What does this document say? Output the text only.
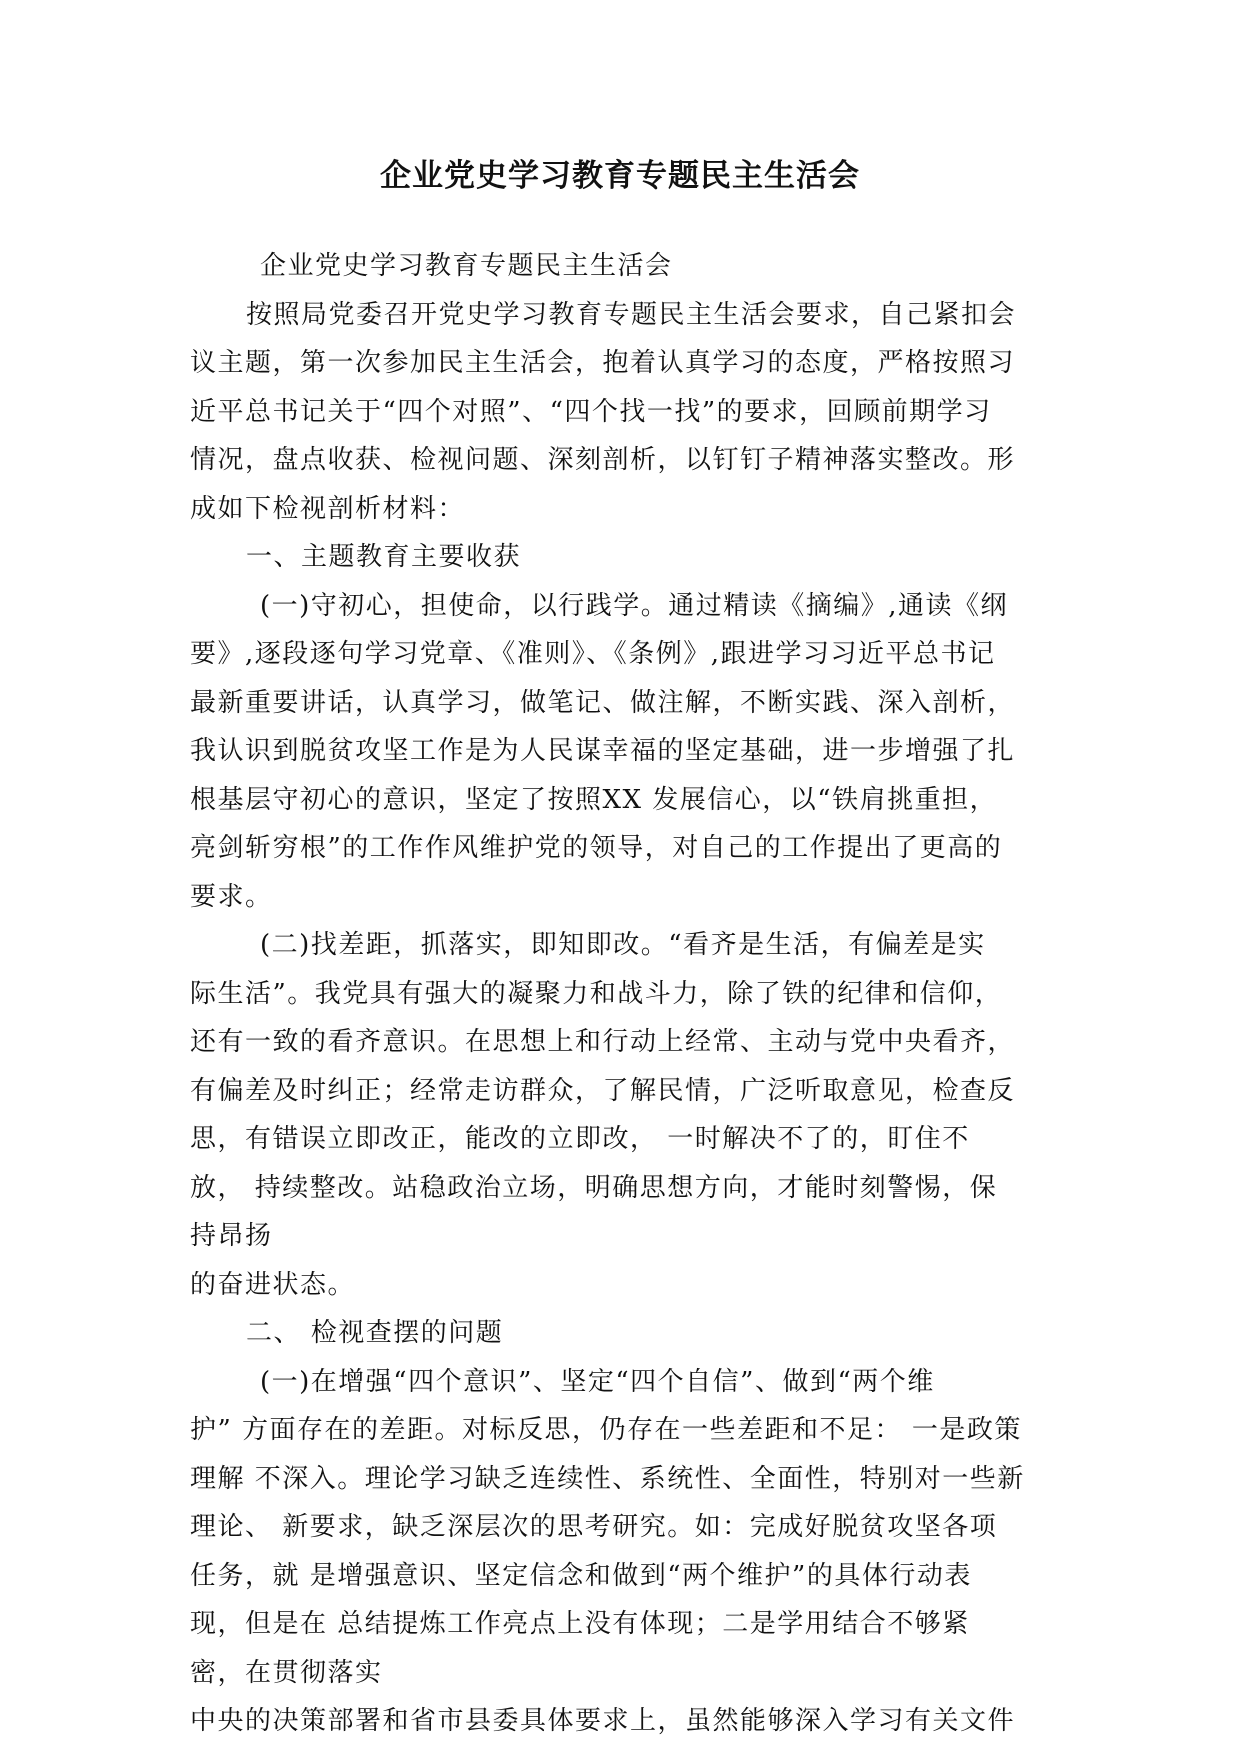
企业党史学习教育专题民主生活会

企业党史学习教育专题民主生活会

按照局党委召开党史学习教育专题民主生活会要求，自己紧扣会

议主题，第一次参加民主生活会，抱着认真学习的态度，严格按照习

近平总书记关于“四个对照”、“四个找一找”的要求，回顾前期学习

情况，盘点收获、检视问题、深刻剖析，以钉钉子精神落实整改。形

成如下检视剖析材料：

一、主题教育主要收获

(一)守初心，担使命，以行践学。通过精读《摘编》,通读《纲

要》,逐段逐句学习党章、《准则》、《条例》,跟进学习习近平总书记

最新重要讲话，认真学习，做笔记、做注解，不断实践、深入剖析，

我认识到脱贫攻坚工作是为人民谋幸福的坚定基础，进一步增强了扎

根基层守初心的意识，坚定了按照XX 发展信心，以“铁肩挑重担，

亮剑斩穷根”的工作作风维护党的领导，对自己的工作提出了更高的

要求。

(二)找差距，抓落实，即知即改。“看齐是生活，有偏差是实

际生活”。我党具有强大的凝聚力和战斗力，除了铁的纪律和信仰，

还有一致的看齐意识。在思想上和行动上经常、主动与党中央看齐，

有偏差及时纠正；经常走访群众，了解民情，广泛听取意见，检查反

思，有错误立即改正，能改的立即改， 一时解决不了的，盯住不

放， 持续整改。站稳政治立场，明确思想方向，才能时刻警惕，保

持昂扬

的奋进状态。

二、 检视查摆的问题

(一)在增强“四个意识”、坚定“四个自信”、做到“两个维

护” 方面存在的差距。对标反思，仍存在一些差距和不足： 一是政策

理解 不深入。理论学习缺乏连续性、系统性、全面性，特别对一些新

理论、 新要求，缺乏深层次的思考研究。如：完成好脱贫攻坚各项

任务，就 是增强意识、坚定信念和做到“两个维护”的具体行动表

现，但是在 总结提炼工作亮点上没有体现；二是学用结合不够紧

密，在贯彻落实

中央的决策部署和省市县委具体要求上，虽然能够深入学习有关文件
